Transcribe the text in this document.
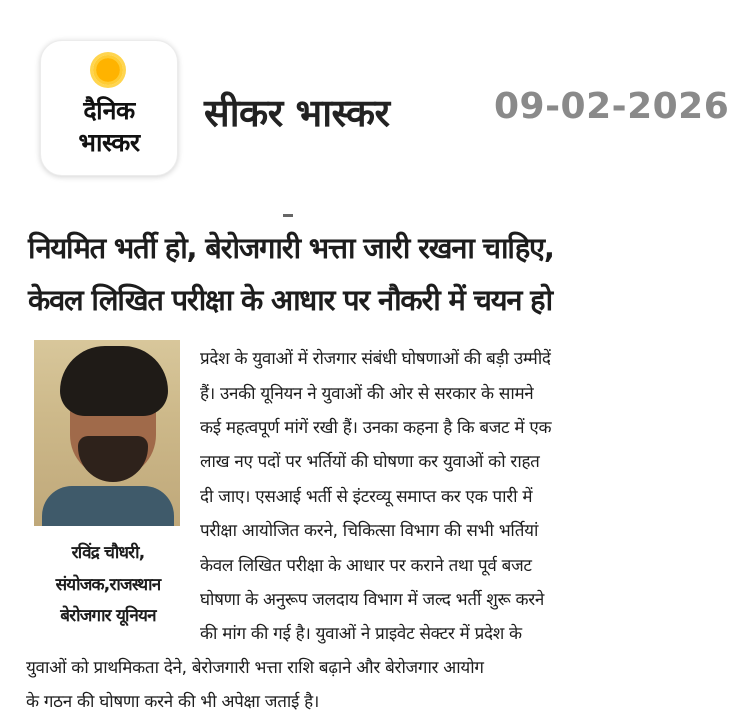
दैनिक
भास्कर
सीकर भास्कर	09-02-2026
नियमित भर्ती हो, बेरोजगारी भत्ता जारी रखना चाहिए,
केवल लिखित परीक्षा के आधार पर नौकरी में चयन हो
रविंद्र चौधरी,
संयोजक,राजस्थान
बेरोजगार यूनियन
प्रदेश के युवाओं में रोजगार संबंधी घोषणाओं की बड़ी उम्मीदें
हैं। उनकी यूनियन ने युवाओं की ओर से सरकार के सामने
कई महत्वपूर्ण मांगें रखी हैं। उनका कहना है कि बजट में एक
लाख नए पदों पर भर्तियों की घोषणा कर युवाओं को राहत
दी जाए। एसआई भर्ती से इंटरव्यू समाप्त कर एक पारी में
परीक्षा आयोजित करने, चिकित्सा विभाग की सभी भर्तियां
केवल लिखित परीक्षा के आधार पर कराने तथा पूर्व बजट
घोषणा के अनुरूप जलदाय विभाग में जल्द भर्ती शुरू करने
की मांग की गई है। युवाओं ने प्राइवेट सेक्टर में प्रदेश के
युवाओं को प्राथमिकता देने, बेरोजगारी भत्ता राशि बढ़ाने और बेरोजगार आयोग
के गठन की घोषणा करने की भी अपेक्षा जताई है।
